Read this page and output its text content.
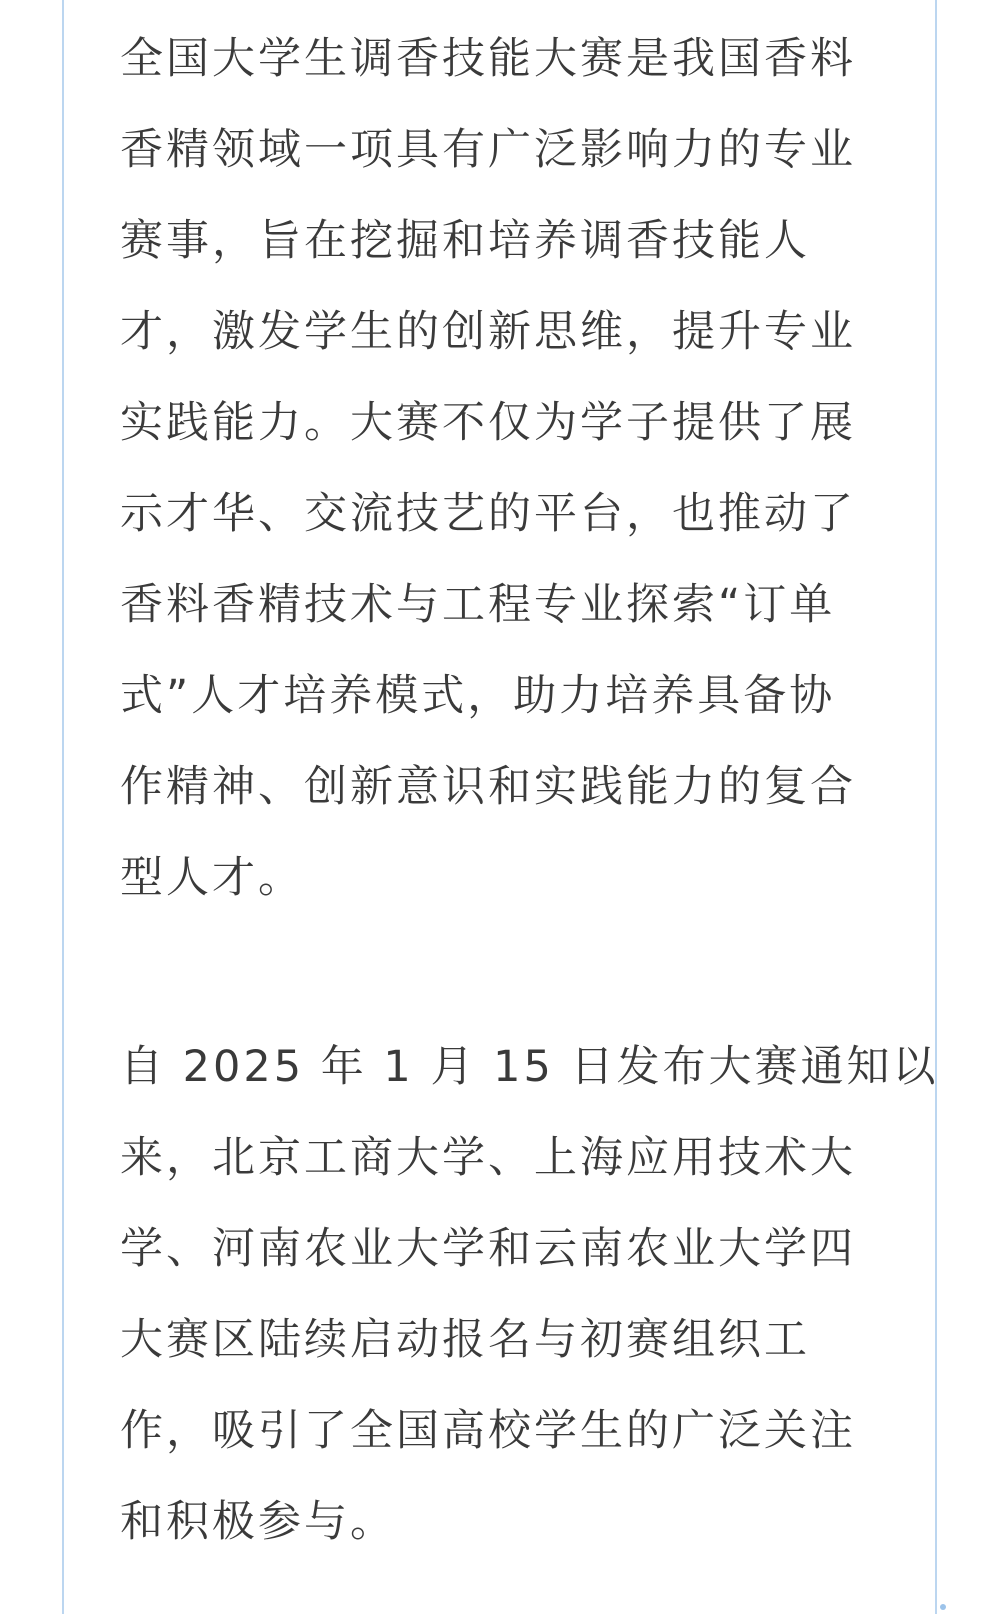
全国大学生调香技能大赛是我国香料
香精领域一项具有广泛影响力的专业
赛事，旨在挖掘和培养调香技能人
才，激发学生的创新思维，提升专业
实践能力。大赛不仅为学子提供了展
示才华、交流技艺的平台，也推动了
香料香精技术与工程专业探索“订单
式”人才培养模式，助力培养具备协
作精神、创新意识和实践能力的复合
型人才。
自 2025 年 1 月 15 日发布大赛通知以
来，北京工商大学、上海应用技术大
学、河南农业大学和云南农业大学四
大赛区陆续启动报名与初赛组织工
作，吸引了全国高校学生的广泛关注
和积极参与。
